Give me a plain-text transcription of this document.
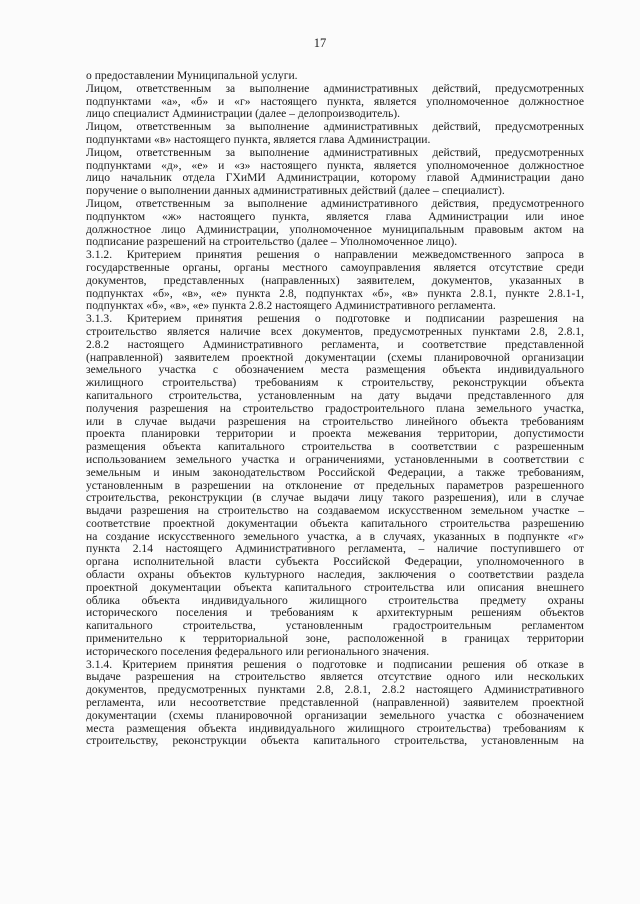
17
о предоставлении Муниципальной услуги.
Лицом, ответственным за выполнение административных действий, предусмотренных
подпунктами «а», «б» и «г» настоящего пункта, является уполномоченное должностное
лицо специалист Администрации (далее – делопроизводитель).
Лицом, ответственным за выполнение административных действий, предусмотренных
подпунктами «в» настоящего пункта, является глава Администрации.
Лицом, ответственным за выполнение административных действий, предусмотренных
подпунктами «д», «е» и «з» настоящего пункта, является уполномоченное должностное
лицо начальник отдела ГХиМИ Администрации, которому главой Администрации дано
поручение о выполнении данных административных действий (далее – специалист).
Лицом, ответственным за выполнение административного действия, предусмотренного
подпунктом «ж» настоящего пункта, является глава Администрации или иное
должностное лицо Администрации, уполномоченное муниципальным правовым актом на
подписание разрешений на строительство (далее – Уполномоченное лицо).
3.1.2. Критерием принятия решения о направлении межведомственного запроса в
государственные органы, органы местного самоуправления является отсутствие среди
документов, представленных (направленных) заявителем, документов, указанных в
подпунктах «б», «в», «е» пункта 2.8, подпунктах «б», «в» пункта 2.8.1, пункте 2.8.1-1,
подпунктах «б», «в», «е» пункта 2.8.2 настоящего Административного регламента.
3.1.3. Критерием принятия решения о подготовке и подписании разрешения на
строительство является наличие всех документов, предусмотренных пунктами 2.8, 2.8.1,
2.8.2 настоящего Административного регламента, и соответствие представленной
(направленной) заявителем проектной документации (схемы планировочной организации
земельного участка с обозначением места размещения объекта индивидуального
жилищного строительства) требованиям к строительству, реконструкции объекта
капитального строительства, установленным на дату выдачи представленного для
получения разрешения на строительство градостроительного плана земельного участка,
или в случае выдачи разрешения на строительство линейного объекта требованиям
проекта планировки территории и проекта межевания территории, допустимости
размещения объекта капитального строительства в соответствии с разрешенным
использованием земельного участка и ограничениями, установленными в соответствии с
земельным и иным законодательством Российской Федерации, а также требованиям,
установленным в разрешении на отклонение от предельных параметров разрешенного
строительства, реконструкции (в случае выдачи лицу такого разрешения), или в случае
выдачи разрешения на строительство на создаваемом искусственном земельном участке –
соответствие проектной документации объекта капитального строительства разрешению
на создание искусственного земельного участка, а в случаях, указанных в подпункте «г»
пункта 2.14 настоящего Административного регламента, – наличие поступившего от
органа исполнительной власти субъекта Российской Федерации, уполномоченного в
области охраны объектов культурного наследия, заключения о соответствии раздела
проектной документации объекта капитального строительства или описания внешнего
облика объекта индивидуального жилищного строительства предмету охраны
исторического поселения и требованиям к архитектурным решениям объектов
капитального строительства, установленным градостроительным регламентом
применительно к территориальной зоне, расположенной в границах территории
исторического поселения федерального или регионального значения.
3.1.4. Критерием принятия решения о подготовке и подписании решения об отказе в
выдаче разрешения на строительство является отсутствие одного или нескольких
документов, предусмотренных пунктами 2.8, 2.8.1, 2.8.2 настоящего Административного
регламента, или несоответствие представленной (направленной) заявителем проектной
документации (схемы планировочной организации земельного участка с обозначением
места размещения объекта индивидуального жилищного строительства) требованиям к
строительству, реконструкции объекта капитального строительства, установленным на
